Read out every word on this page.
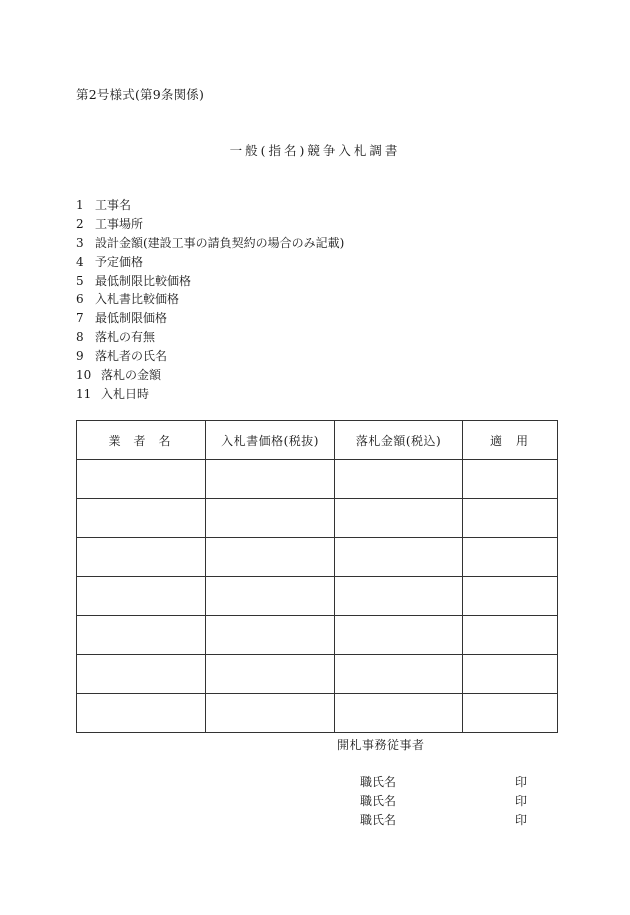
第2号様式(第9条関係)
一般(指名)競争入札調書
1 工事名
2 工事場所
3 設計金額(建設工事の請負契約の場合のみ記載)
4 予定価格
5 最低制限比較価格
6 入札書比較価格
7 最低制限価格
8 落札の有無
9 落札者の氏名
10 落札の金額
11 入札日時
業者名	入札書価格(税抜)	落札金額(税込)	適用

開札事務従事者
職氏名	印
職氏名	印
職氏名	印
